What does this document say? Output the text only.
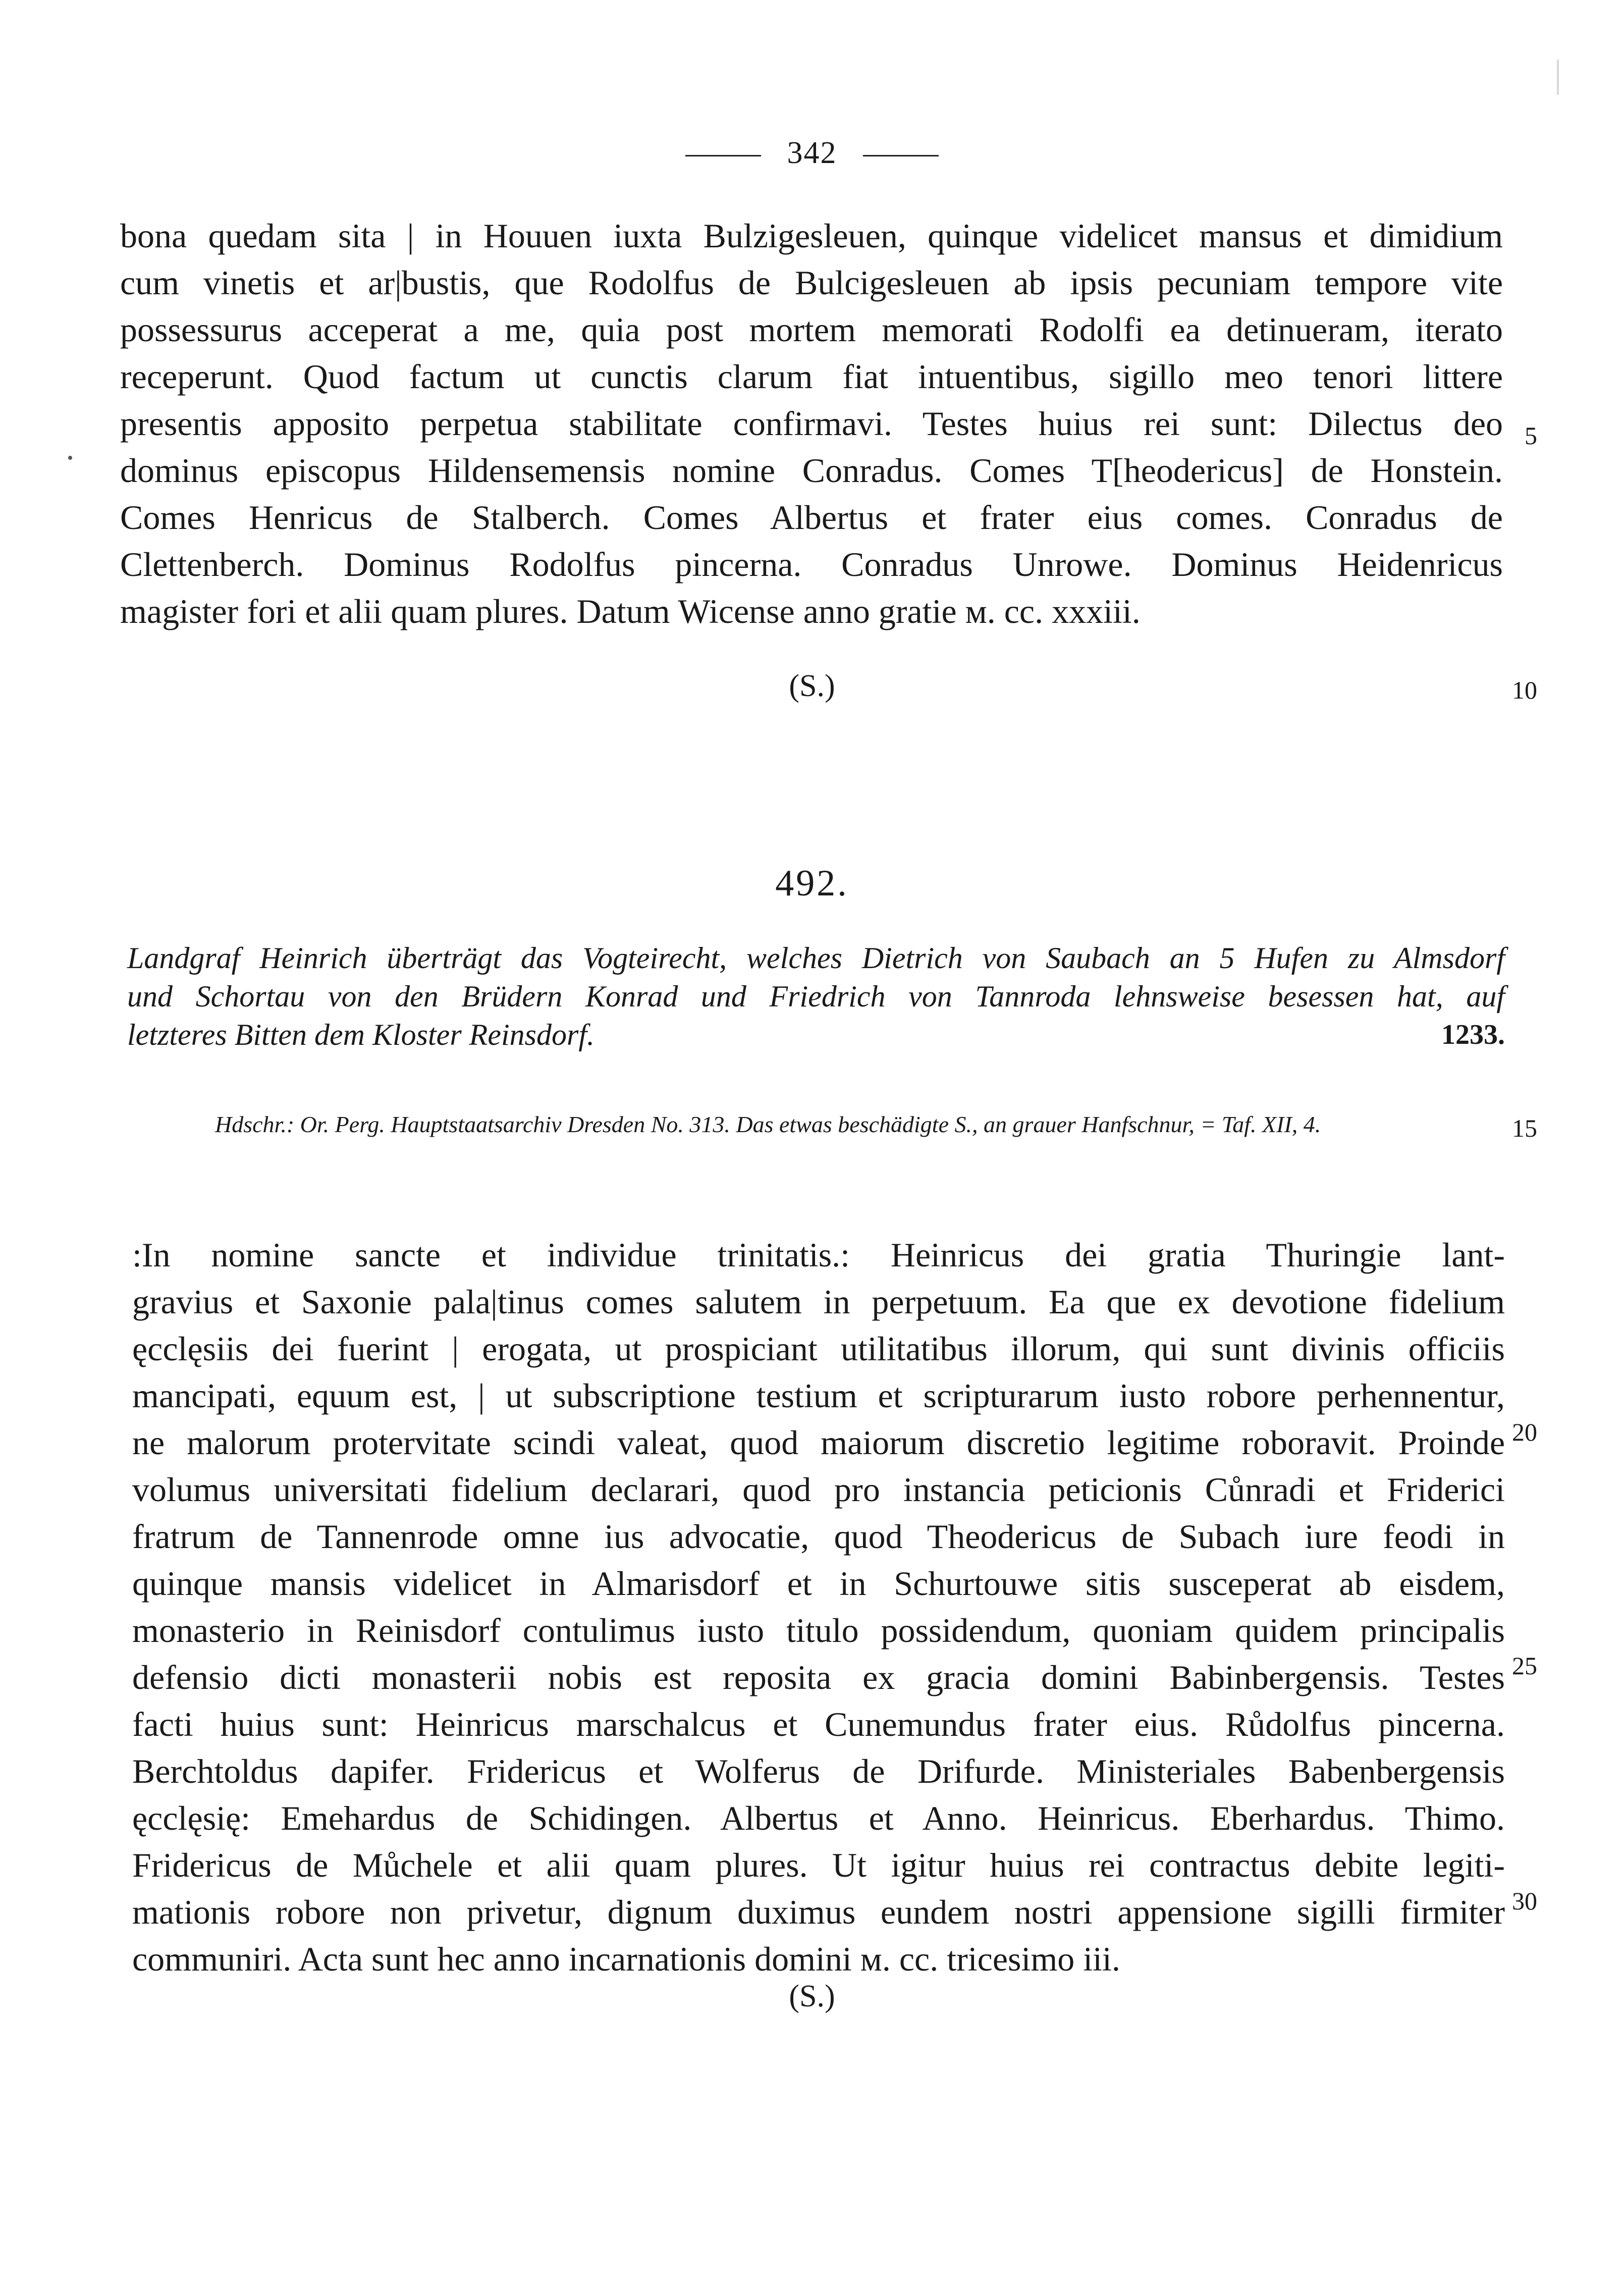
342
bona quedam sita | in Houuen iuxta Bulzigesleuen, quinque videlicet mansus et dimidium
cum vinetis et ar|bustis, que Rodolfus de Bulcigesleuen ab ipsis pecuniam tempore vite
possessurus acceperat a me, quia post mortem memorati Rodolfi ea detinueram, iterato
receperunt. Quod factum ut cunctis clarum fiat intuentibus, sigillo meo tenori littere
presentis apposito perpetua stabilitate confirmavi. Testes huius rei sunt: Dilectus deo
dominus episcopus Hildensemensis nomine Conradus. Comes T[heodericus] de Honstein.
Comes Henricus de Stalberch. Comes Albertus et frater eius comes. Conradus de
Clettenberch. Dominus Rodolfus pincerna. Conradus Unrowe. Dominus Heidenricus
magister fori et alii quam plures. Datum Wicense anno gratie ᴍ. cc. xxxiii.
(S.)
5
10
492.
Landgraf Heinrich überträgt das Vogteirecht, welches Dietrich von Saubach an 5 Hufen zu Almsdorf
und Schortau von den Brüdern Konrad und Friedrich von Tannroda lehnsweise besessen hat, auf
letzteres Bitten dem Kloster Reinsdorf.	1233.
Hdschr.: Or. Perg. Hauptstaatsarchiv Dresden No. 313. Das etwas beschädigte S., an grauer Hanfschnur, = Taf. XII, 4.	15
:In nomine sancte et individue trinitatis.: Heinricus dei gratia Thuringie lant-
gravius et Saxonie pala|tinus comes salutem in perpetuum. Ea que ex devotione fidelium
ęcclęsiis dei fuerint | erogata, ut prospiciant utilitatibus illorum, qui sunt divinis officiis
mancipati, equum est, | ut subscriptione testium et scripturarum iusto robore perhennentur,
ne malorum protervitate scindi valeat, quod maiorum discretio legitime roboravit. Proinde
volumus universitati fidelium declarari, quod pro instancia peticionis Cůnradi et Friderici
fratrum de Tannenrode omne ius advocatie, quod Theodericus de Subach iure feodi in
quinque mansis videlicet in Almarisdorf et in Schurtouwe sitis susceperat ab eisdem,
monasterio in Reinisdorf contulimus iusto titulo possidendum, quoniam quidem principalis
defensio dicti monasterii nobis est reposita ex gracia domini Babinbergensis. Testes
facti huius sunt: Heinricus marschalcus et Cunemundus frater eius. Růdolfus pincerna.
Berchtoldus dapifer. Fridericus et Wolferus de Drifurde. Ministeriales Babenbergensis
ęcclęsię: Emehardus de Schidingen. Albertus et Anno. Heinricus. Eberhardus. Thimo.
Fridericus de Můchele et alii quam plures. Ut igitur huius rei contractus debite legiti-
mationis robore non privetur, dignum duximus eundem nostri appensione sigilli firmiter
communiri. Acta sunt hec anno incarnationis domini ᴍ. cc. tricesimo iii.
(S.)
20
25
30
